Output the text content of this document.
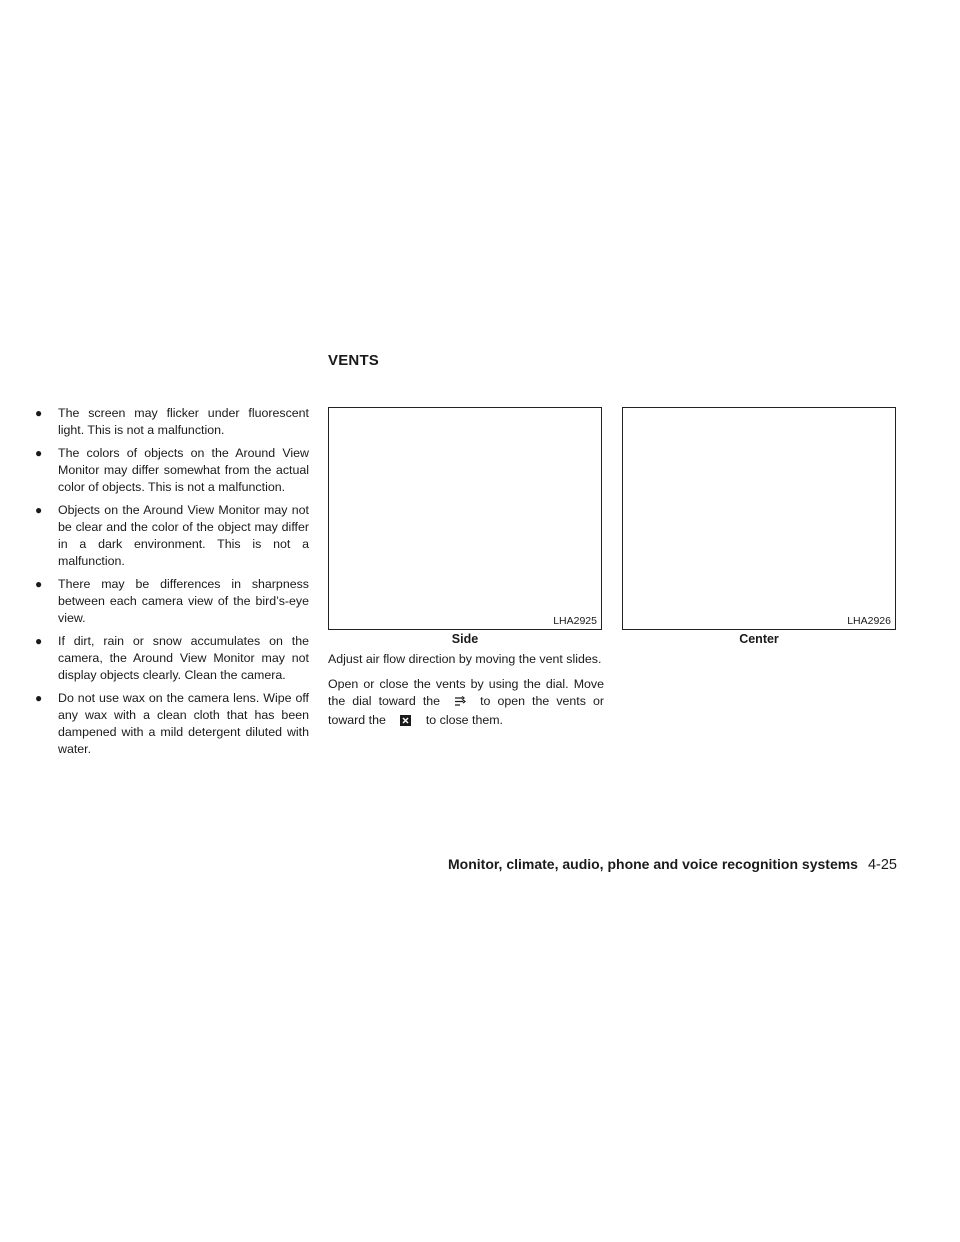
VENTS
● The screen may flicker under fluorescent light. This is not a malfunction.
● The colors of objects on the Around View Monitor may differ somewhat from the actual color of objects. This is not a malfunction.
● Objects on the Around View Monitor may not be clear and the color of the object may differ in a dark environment. This is not a malfunction.
● There may be differences in sharpness between each camera view of the bird’s-eye view.
● If dirt, rain or snow accumulates on the camera, the Around View Monitor may not display objects clearly. Clean the camera.
● Do not use wax on the camera lens. Wipe off any wax with a clean cloth that has been dampened with a mild detergent diluted with water.
LHA2925
Side
LHA2926
Center

Adjust air flow direction by moving the vent slides.

Open or close the vents by using the dial. Move the dial toward the	to open the vents or toward the	to close them.

Monitor, climate, audio, phone and voice recognition systems 4-25
